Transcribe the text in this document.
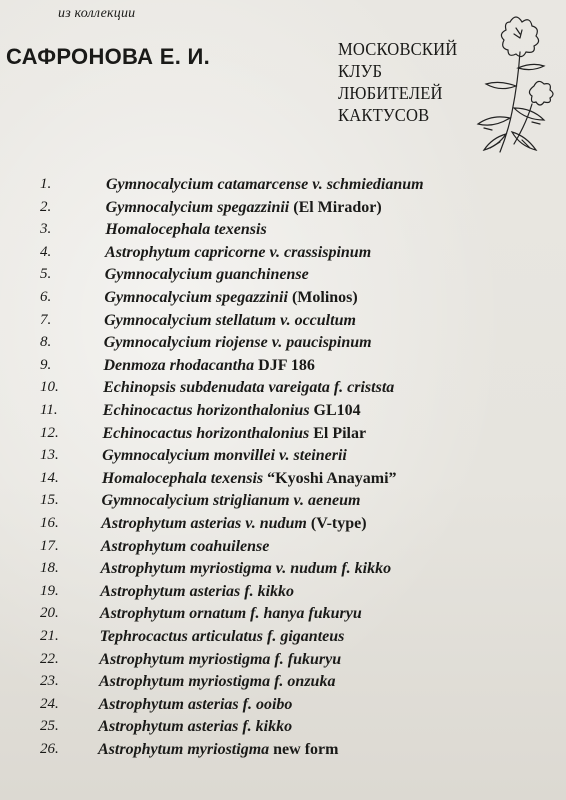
из коллекции
САФРОНОВА Е. И.	МОСКОВСКИЙ
КЛУБ
ЛЮБИТЕЛЕЙ
КАКТУСОВ
1.	Gymnocalycium catamarcense v. schmiedianum
2.	Gymnocalycium spegazzinii (El Mirador)
3.	Homalocephala texensis
4.	Astrophytum capricorne v. crassispinum
5.	Gymnocalycium guanchinense
6.	Gymnocalycium spegazzinii (Molinos)
7.	Gymnocalycium stellatum v. occultum
8.	Gymnocalycium riojense v. paucispinum
9.	Denmoza rhodacantha DJF 186
10.	Echinopsis subdenudata vareigata f. criststa
11.	Echinocactus horizonthalonius GL104
12.	Echinocactus horizonthalonius El Pilar
13.	Gymnocalycium monvillei v. steinerii
14.	Homalocephala texensis “Kyoshi Anayami”
15.	Gymnocalycium striglianum v. aeneum
16.	Astrophytum asterias v. nudum (V-type)
17.	Astrophytum coahuilense
18.	Astrophytum myriostigma v. nudum f. kikko
19.	Astrophytum asterias f. kikko
20.	Astrophytum ornatum f. hanya fukuryu
21.	Tephrocactus articulatus f. giganteus
22.	Astrophytum myriostigma f. fukuryu
23.	Astrophytum myriostigma f. onzuka
24. Astrophytum asterias f. ooibo
25. Astrophytum asterias f. kikko
26. Astrophytum myriostigma new form
